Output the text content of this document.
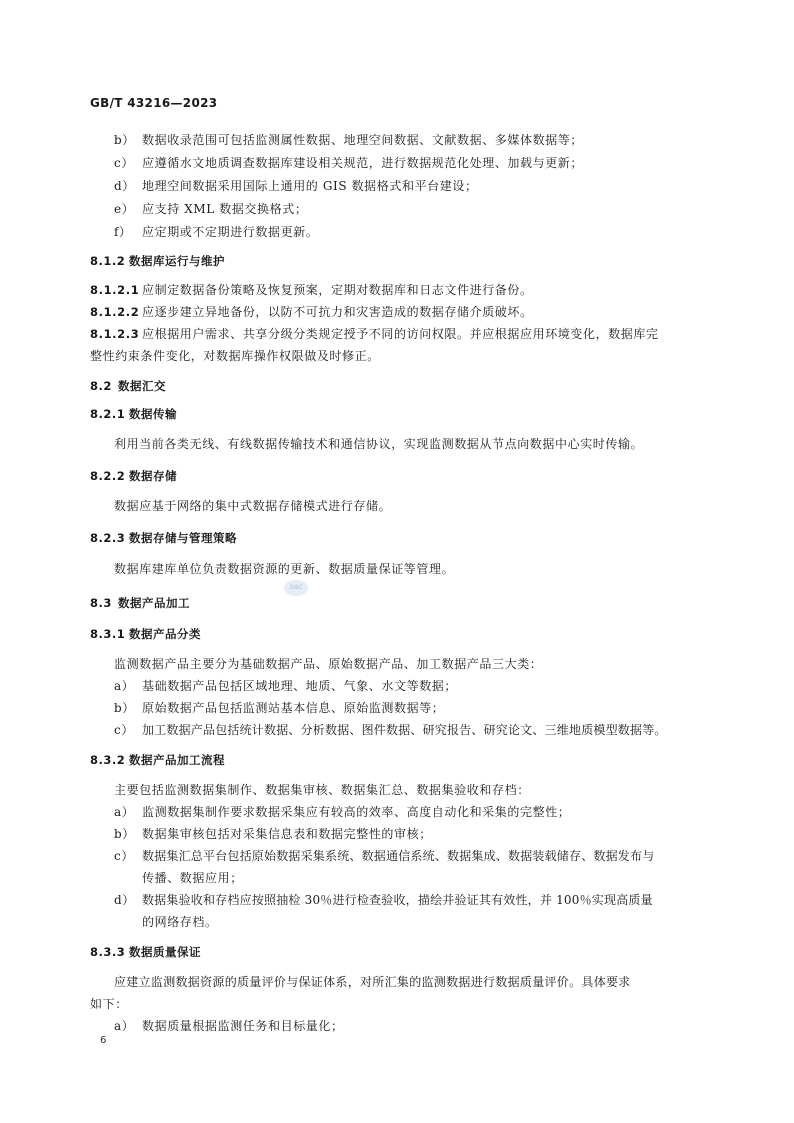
GB/T 43216—2023
b） 数据收录范围可包括监测属性数据、地理空间数据、文献数据、多媒体数据等；
c） 应遵循水文地质调查数据库建设相关规范，进行数据规范化处理、加载与更新；
d） 地理空间数据采用国际上通用的 GIS 数据格式和平台建设；
e） 应支持 XML 数据交换格式；
f） 应定期或不定期进行数据更新。
8.1.2 数据库运行与维护
8.1.2.1 应制定数据备份策略及恢复预案，定期对数据库和日志文件进行备份。
8.1.2.2 应逐步建立异地备份，以防不可抗力和灾害造成的数据存储介质破坏。
8.1.2.3 应根据用户需求、共享分级分类规定授予不同的访问权限。并应根据应用环境变化，数据库完
整性约束条件变化，对数据库操作权限做及时修正。
8.2 数据汇交
8.2.1 数据传输
利用当前各类无线、有线数据传输技术和通信协议，实现监测数据从节点向数据中心实时传输。
8.2.2 数据存储
数据应基于网络的集中式数据存储模式进行存储。
8.2.3 数据存储与管理策略
数据库建库单位负责数据资源的更新、数据质量保证等管理。
8.3 数据产品加工
8.3.1 数据产品分类
监测数据产品主要分为基础数据产品、原始数据产品、加工数据产品三大类：
a） 基础数据产品包括区域地理、地质、气象、水文等数据；
b） 原始数据产品包括监测站基本信息、原始监测数据等；
c） 加工数据产品包括统计数据、分析数据、图件数据、研究报告、研究论文、三维地质模型数据等。
8.3.2 数据产品加工流程
主要包括监测数据集制作、数据集审核、数据集汇总、数据集验收和存档：
a） 监测数据集制作要求数据采集应有较高的效率、高度自动化和采集的完整性；
b） 数据集审核包括对采集信息表和数据完整性的审核；
c） 数据集汇总平台包括原始数据采集系统、数据通信系统、数据集成、数据装载储存、数据发布与
传播、数据应用；
d） 数据集验收和存档应按照抽检 30％进行检查验收，描绘并验证其有效性，并 100％实现高质量
的网络存档。
8.3.3 数据质量保证
应建立监测数据资源的质量评价与保证体系，对所汇集的监测数据进行数据质量评价。具体要求
如下：
a） 数据质量根据监测任务和目标量化；
SAC
6
